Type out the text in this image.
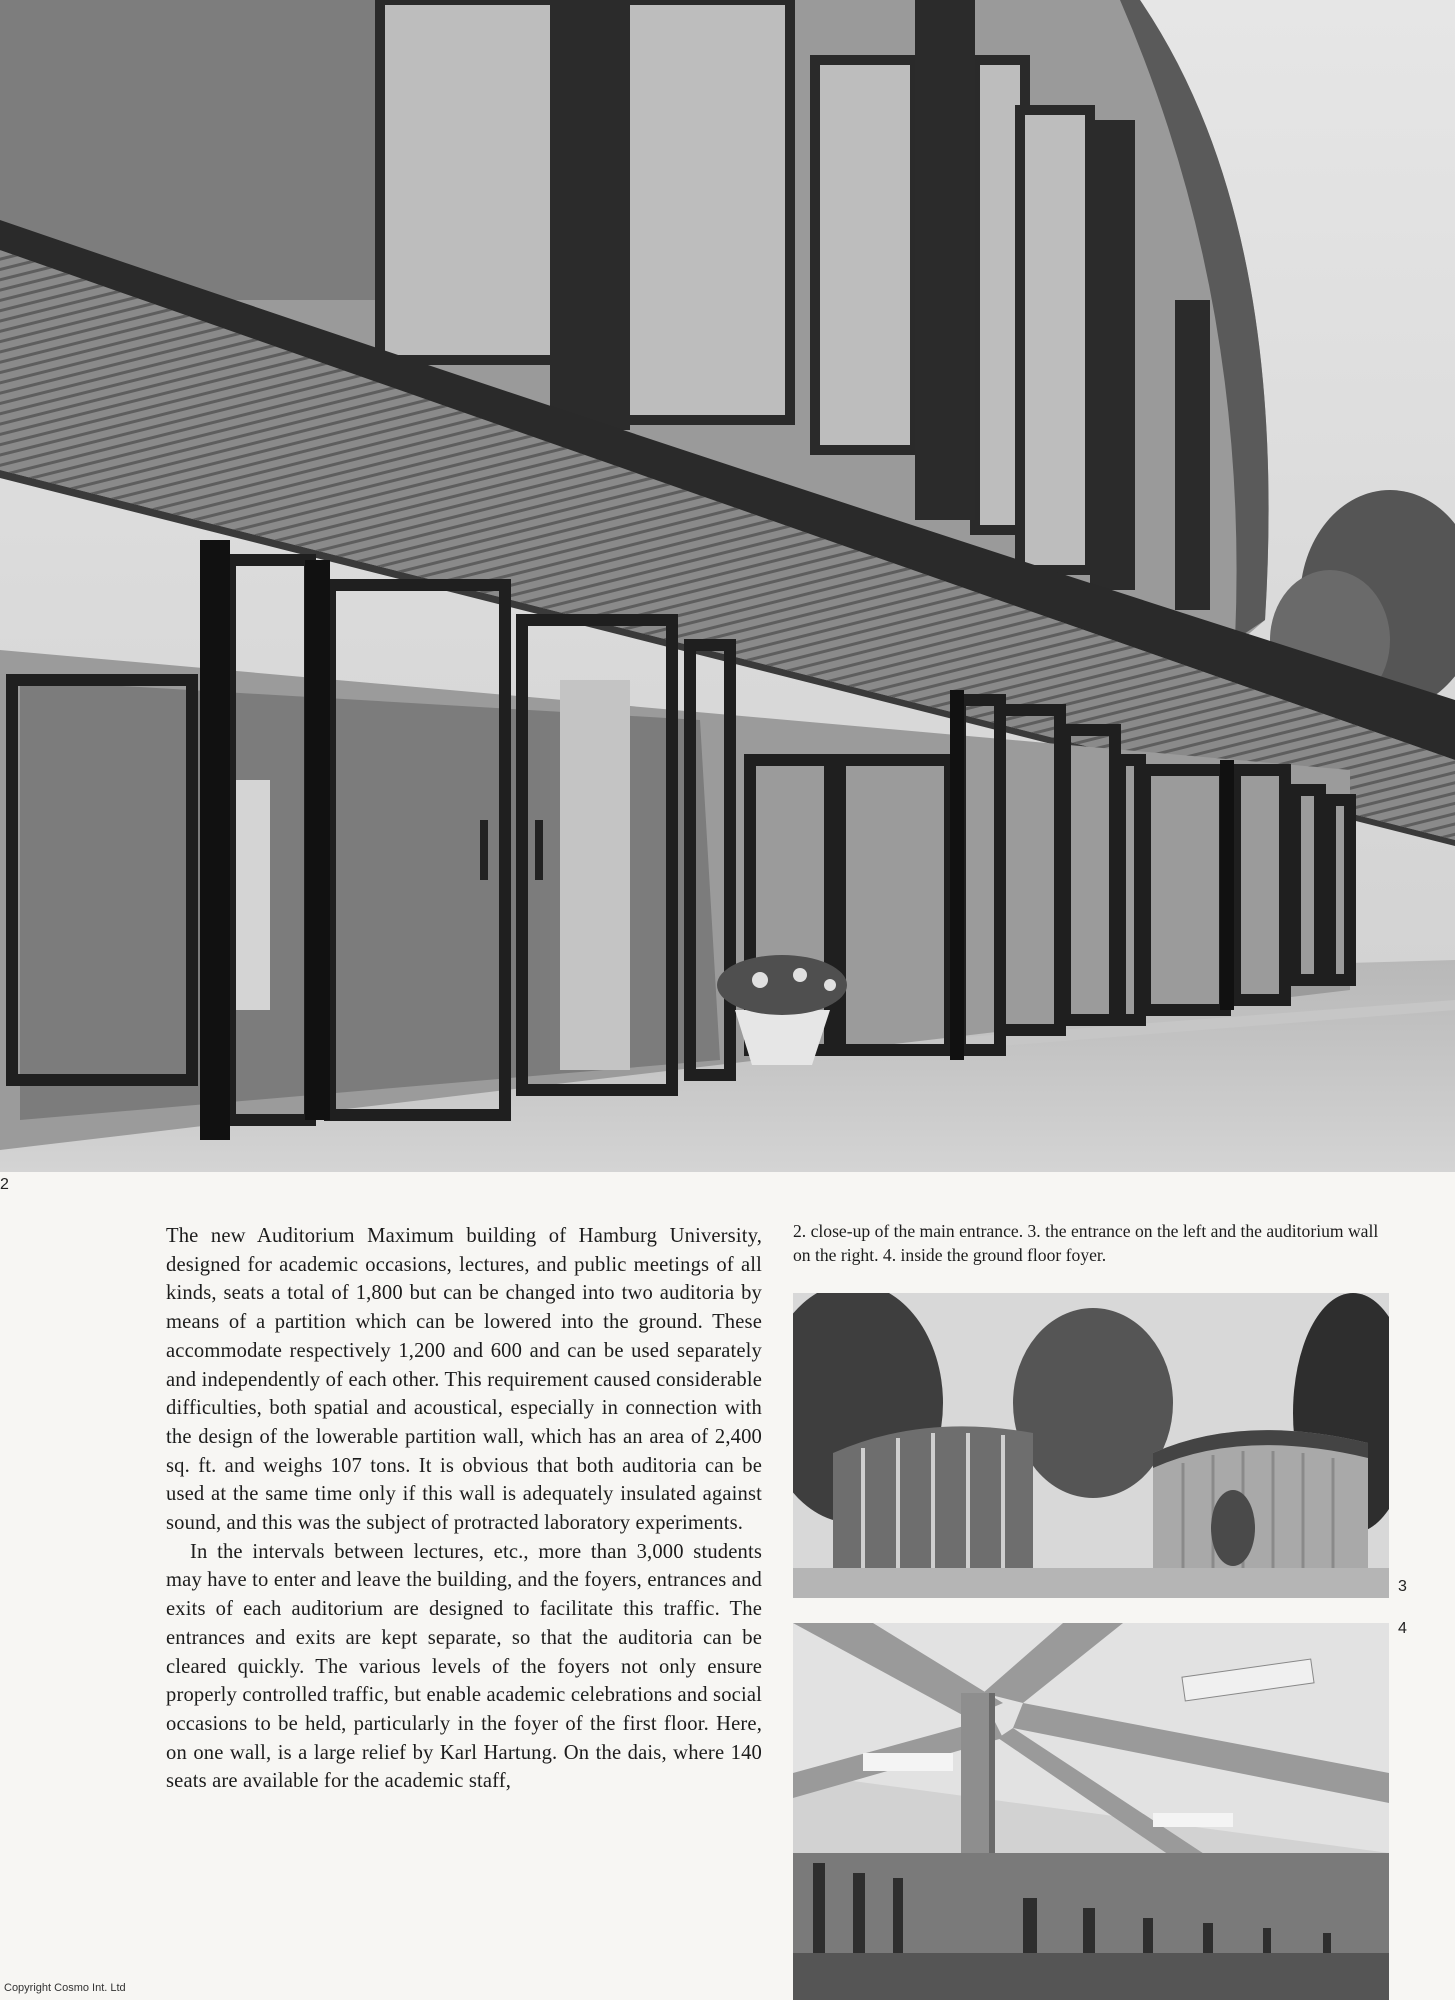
2

The new Auditorium Maximum building of Hamburg University, designed for academic occasions, lectures, and public meetings of all kinds, seats a total of 1,800 but can be changed into two auditoria by means of a partition which can be lowered into the ground. These accommodate respectively 1,200 and 600 and can be used separately and independently of each other. This requirement caused considerable difficulties, both spatial and acoustical, especially in connection with the design of the lowerable partition wall, which has an area of 2,400 sq. ft. and weighs 107 tons. It is obvious that both auditoria can be used at the same time only if this wall is adequately insulated against sound, and this was the subject of protracted laboratory experiments.

In the intervals between lectures, etc., more than 3,000 students may have to enter and leave the building, and the foyers, entrances and exits of each auditorium are designed to facilitate this traffic. The entrances and exits are kept separate, so that the auditoria can be cleared quickly. The various levels of the foyers not only ensure properly controlled traffic, but enable academic celebrations and social occasions to be held, particularly in the foyer of the first floor. Here, on one wall, is a large relief by Karl Hartung. On the dais, where 140 seats are available for the academic staff,

2. close-up of the main entrance. 3. the entrance on the left and the auditorium wall on the right. 4. inside the ground floor foyer.
3
4
Copyright Cosmo Int. Ltd
